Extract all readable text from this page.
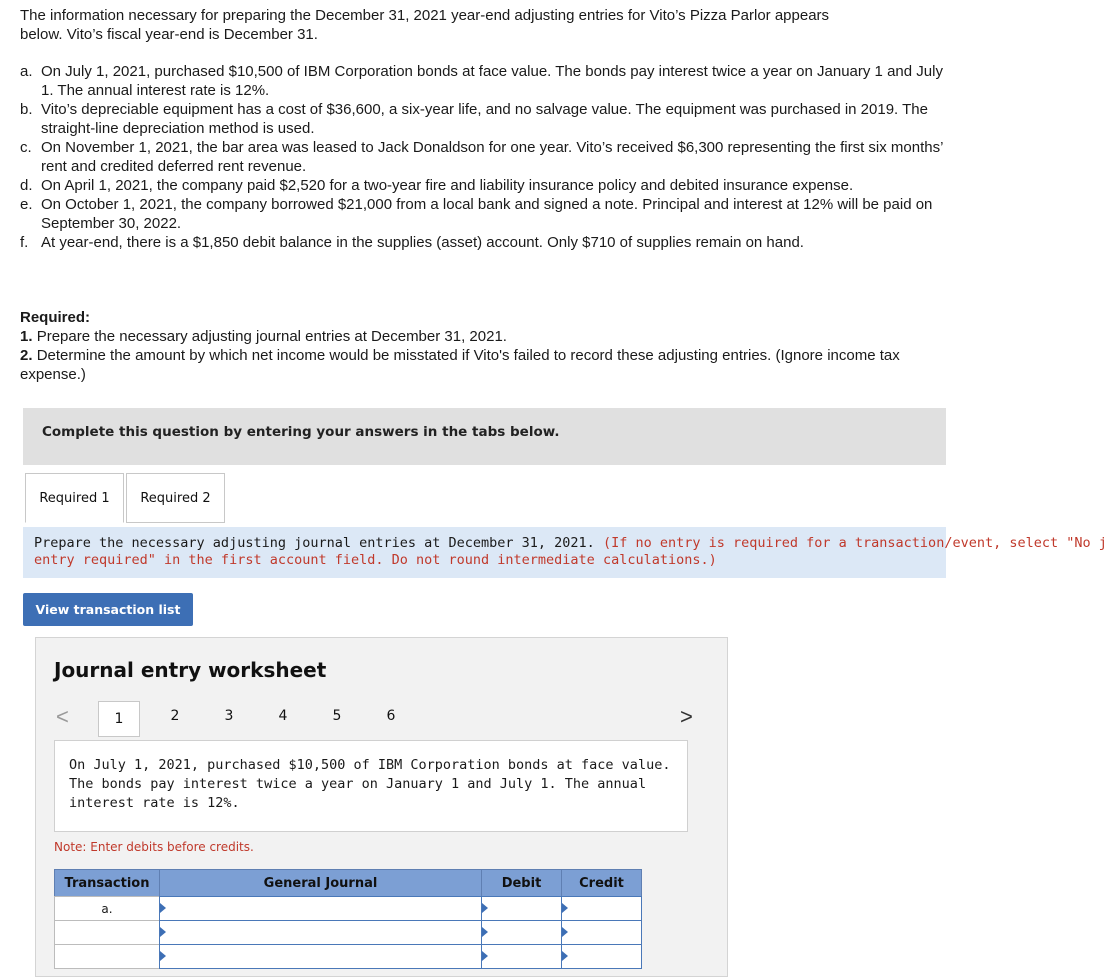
The information necessary for preparing the December 31, 2021 year-end adjusting entries for Vito’s Pizza Parlor appears

below. Vito’s fiscal year-end is December 31.

a. On July 1, 2021, purchased $10,500 of IBM Corporation bonds at face value. The bonds pay interest twice a year on January 1 and July 1. The annual interest rate is 12%.
b. Vito’s depreciable equipment has a cost of $36,600, a six-year life, and no salvage value. The equipment was purchased in 2019. The straight-line depreciation method is used.
c. On November 1, 2021, the bar area was leased to Jack Donaldson for one year. Vito’s received $6,300 representing the first six months’ rent and credited deferred rent revenue.
d. On April 1, 2021, the company paid $2,520 for a two-year fire and liability insurance policy and debited insurance expense.
e. On October 1, 2021, the company borrowed $21,000 from a local bank and signed a note. Principal and interest at 12% will be paid on September 30, 2022.
f. At year-end, there is a $1,850 debit balance in the supplies (asset) account. Only $710 of supplies remain on hand.
Required:
1. Prepare the necessary adjusting journal entries at December 31, 2021.
2. Determine the amount by which net income would be misstated if Vito's failed to record these adjusting entries. (Ignore income tax expense.)
Complete this question by entering your answers in the tabs below.
Required 1	Required 2
Prepare the necessary adjusting journal entries at December 31, 2021. (If no entry is required for a transaction/event, select "No j
entry required" in the first account field. Do not round intermediate calculations.)
View transaction list
Journal entry worksheet
<	1	2	3	4	5	6	>
On July 1, 2021, purchased $10,500 of IBM Corporation bonds at face value. The bonds pay interest twice a year on January 1 and July 1. The annual interest rate is 12%.
Note: Enter debits before credits.
Transaction	General Journal	Debit	Credit
a.
